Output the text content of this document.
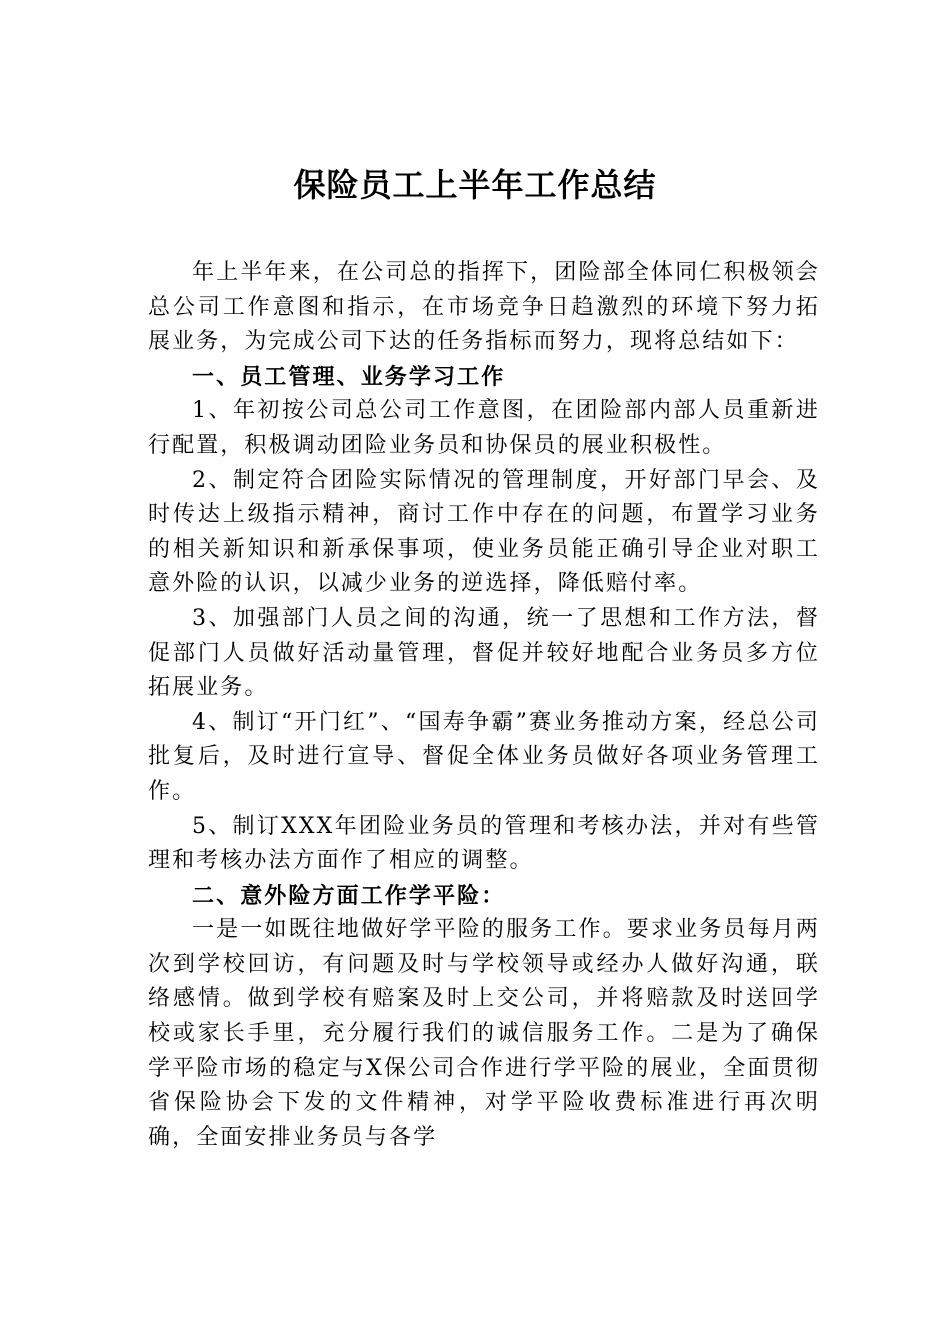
保险员工上半年工作总结

年上半年来，在公司总的指挥下，团险部全体同仁积极领会总公司工作意图和指示，在市场竞争日趋激烈的环境下努力拓展业务，为完成公司下达的任务指标而努力，现将总结如下：

一、员工管理、业务学习工作

1、年初按公司总公司工作意图，在团险部内部人员重新进行配置，积极调动团险业务员和协保员的展业积极性。

2、制定符合团险实际情况的管理制度，开好部门早会、及时传达上级指示精神，商讨工作中存在的问题，布置学习业务的相关新知识和新承保事项，使业务员能正确引导企业对职工意外险的认识，以减少业务的逆选择，降低赔付率。

3、加强部门人员之间的沟通，统一了思想和工作方法，督促部门人员做好活动量管理，督促并较好地配合业务员多方位拓展业务。

4、制订“开门红”、“国寿争霸”赛业务推动方案，经总公司批复后，及时进行宣导、督促全体业务员做好各项业务管理工作。

5、制订XXX年团险业务员的管理和考核办法，并对有些管理和考核办法方面作了相应的调整。

二、意外险方面工作学平险：

一是一如既往地做好学平险的服务工作。要求业务员每月两次到学校回访，有问题及时与学校领导或经办人做好沟通，联络感情。做到学校有赔案及时上交公司，并将赔款及时送回学校或家长手里，充分履行我们的诚信服务工作。二是为了确保学平险市场的稳定与X保公司合作进行学平险的展业，全面贯彻省保险协会下发的文件精神，对学平险收费标准进行再次明确，全面安排业务员与各学
